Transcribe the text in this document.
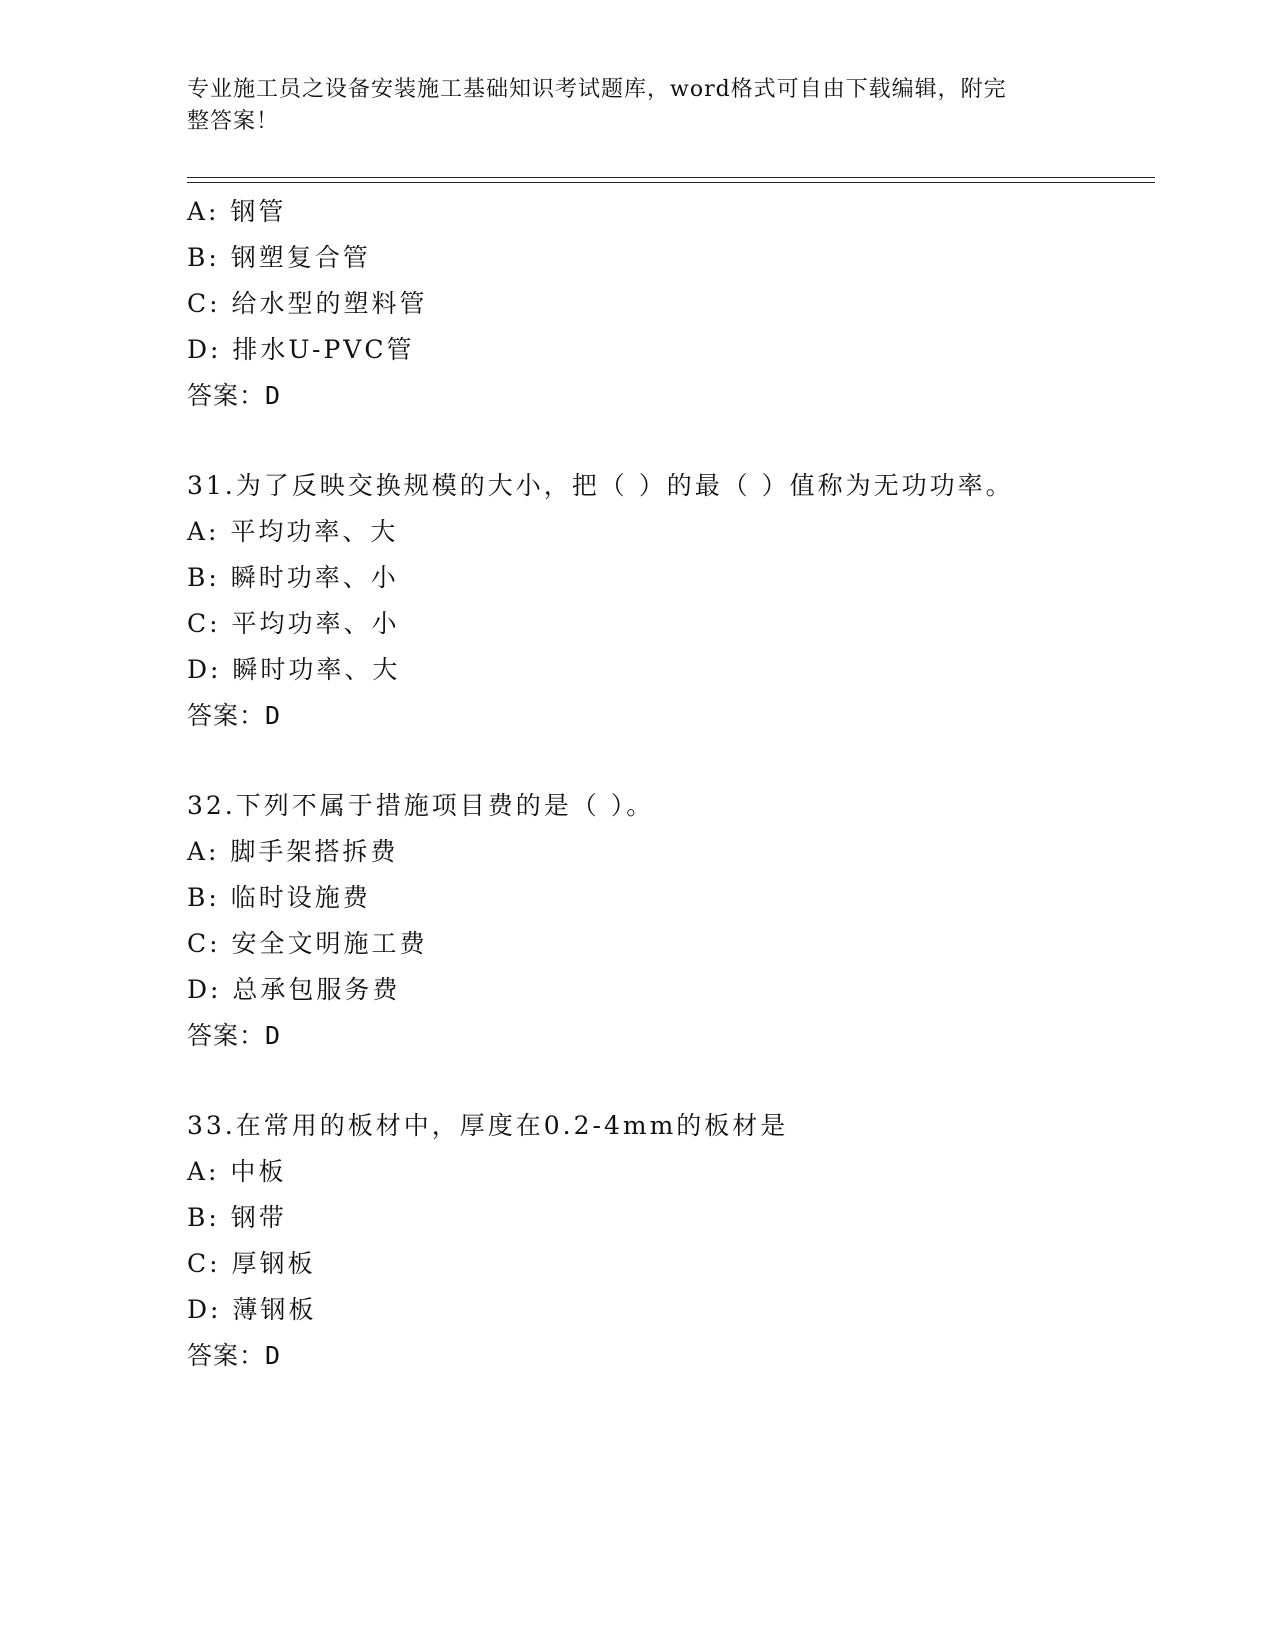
专业施工员之设备安装施工基础知识考试题库，word格式可自由下载编辑，附完
整答案！
A: 钢管
B: 钢塑复合管
C: 给水型的塑料管
D: 排水U-PVC管
答案：D
31.为了反映交换规模的大小，把（ ）的最（ ）值称为无功功率。
A: 平均功率、大
B: 瞬时功率、小
C: 平均功率、小
D: 瞬时功率、大
答案：D
32.下列不属于措施项目费的是（ ）。
A: 脚手架搭拆费
B: 临时设施费
C: 安全文明施工费
D: 总承包服务费
答案：D
33.在常用的板材中，厚度在0.2-4mm的板材是
A: 中板
B: 钢带
C: 厚钢板
D: 薄钢板
答案：D
